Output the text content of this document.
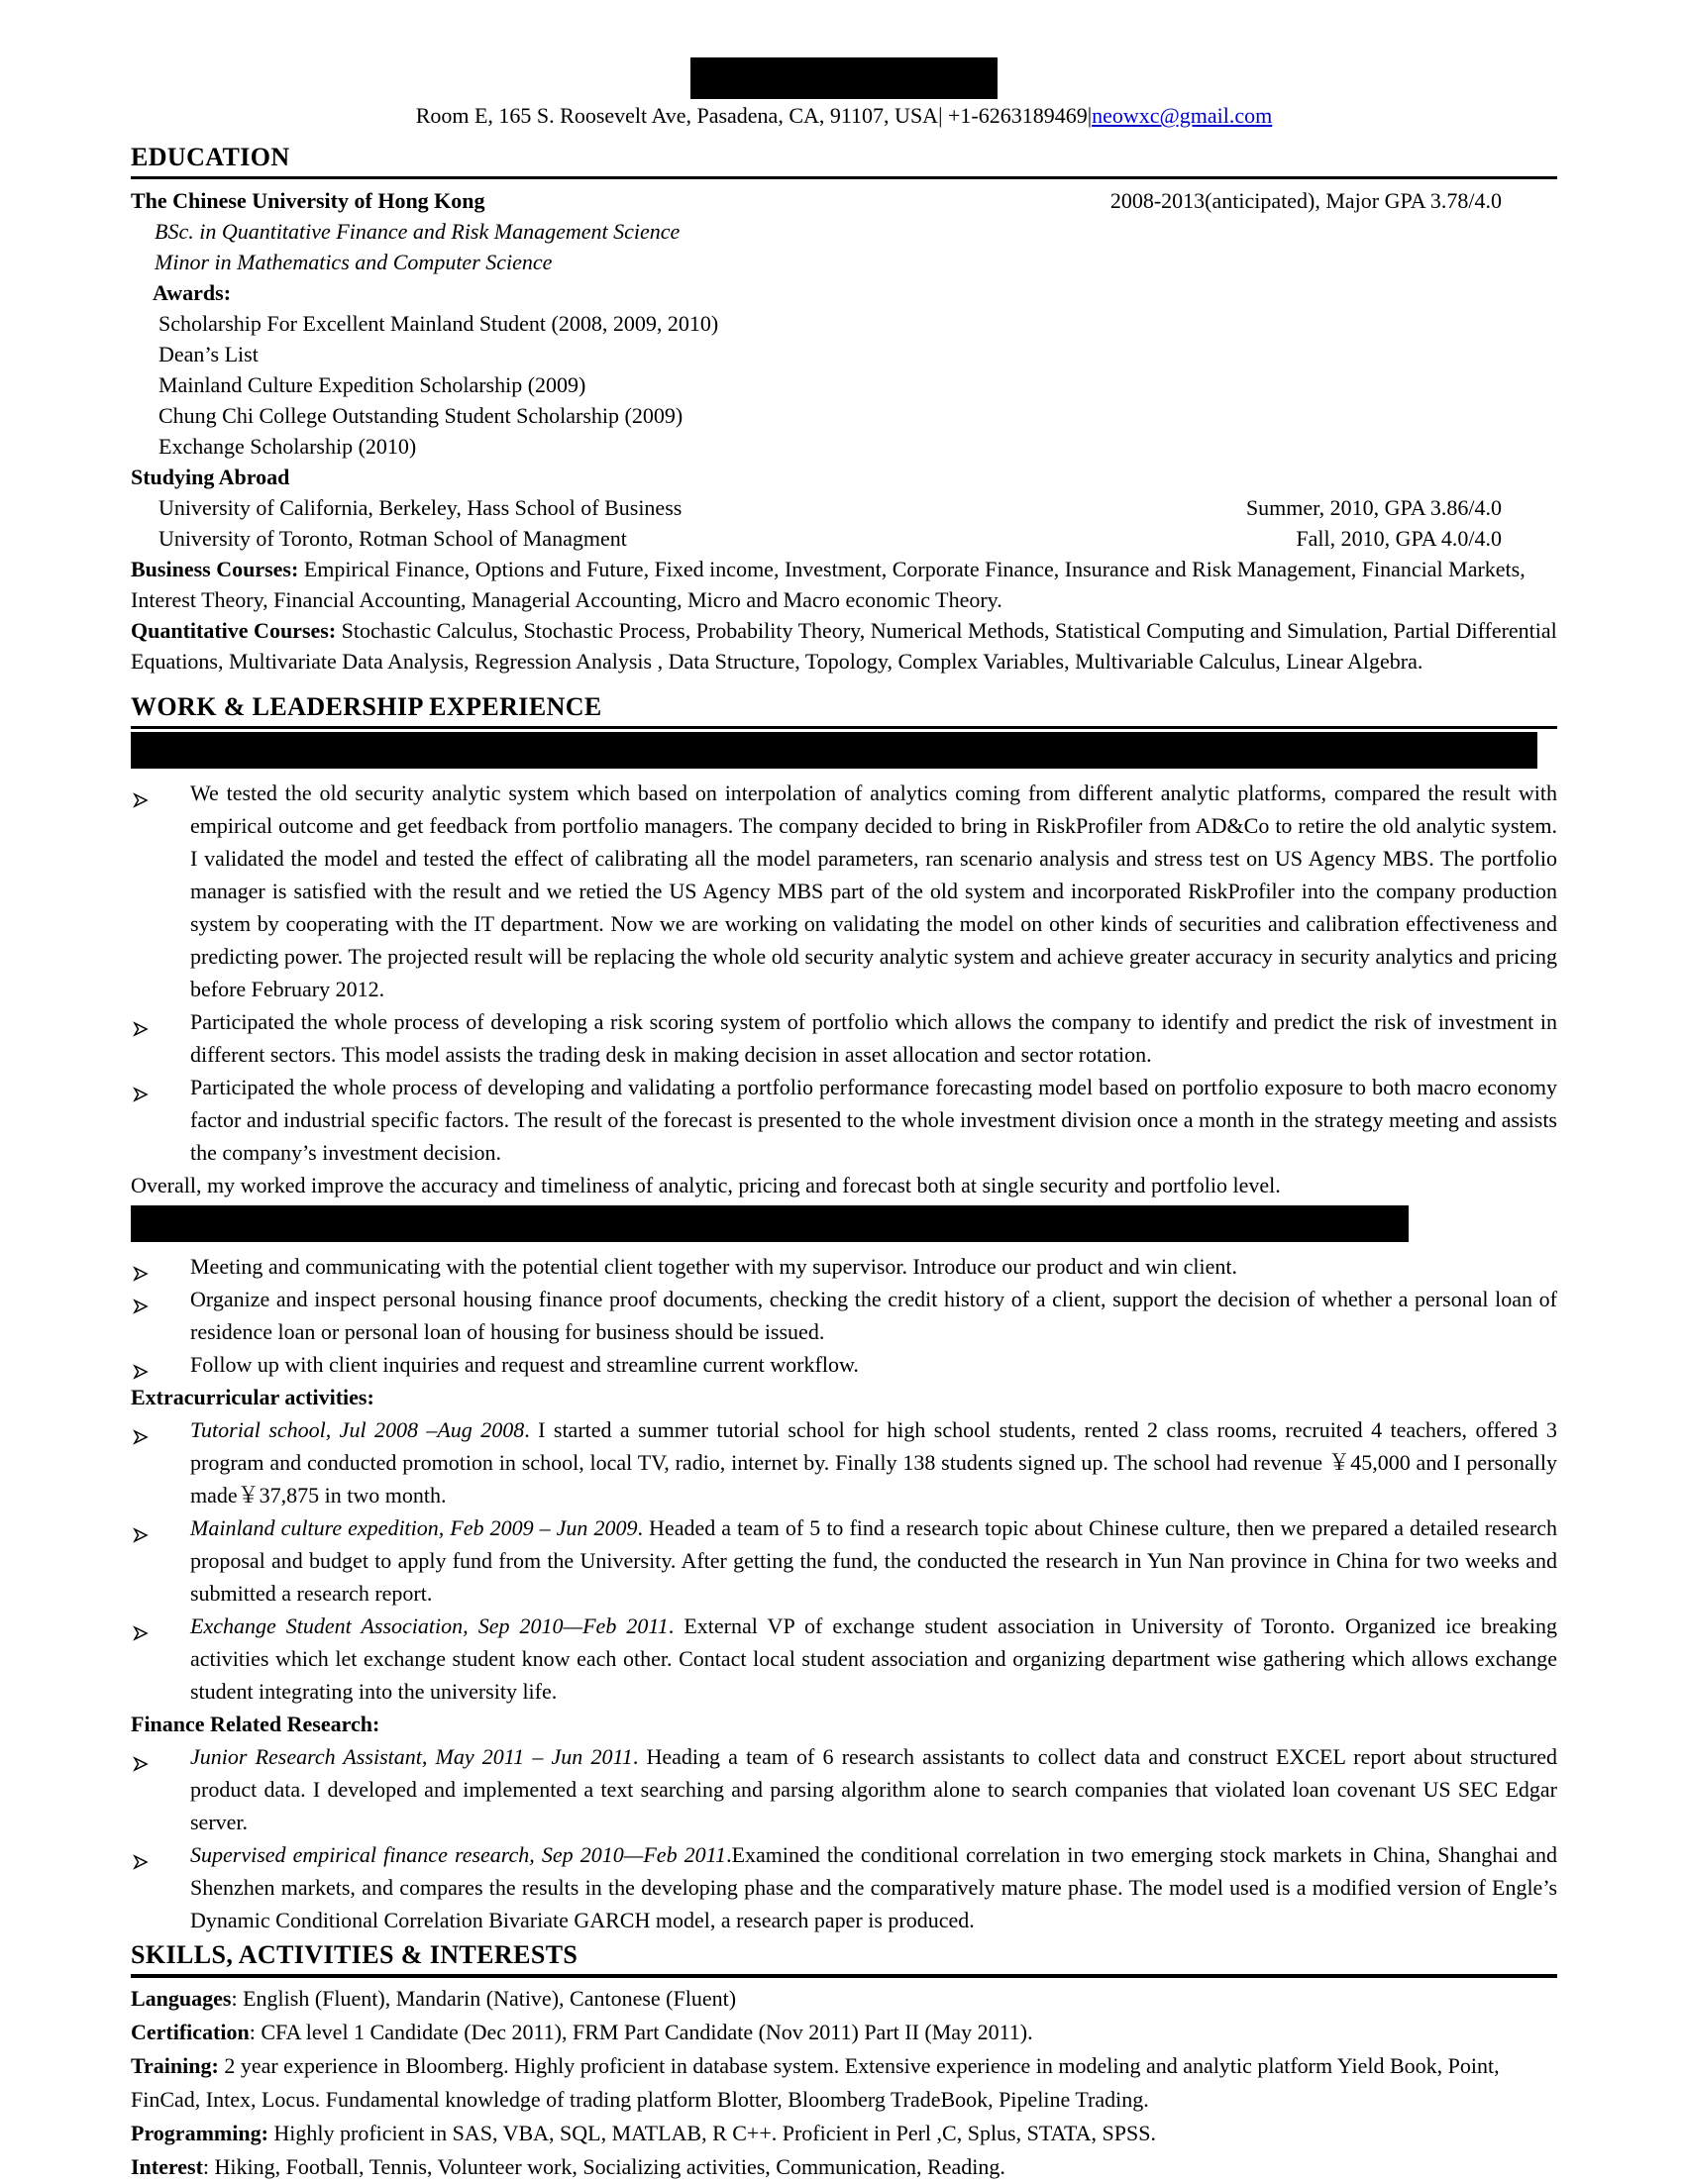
Room E, 165 S. Roosevelt Ave, Pasadena, CA, 91107, USA| +1-6263189469|neowxc@gmail.com
EDUCATION
The Chinese University of Hong Kong	2008-2013(anticipated), Major GPA 3.78/4.0
BSc. in Quantitative Finance and Risk Management Science
Minor in Mathematics and Computer Science
Awards:
Scholarship For Excellent Mainland Student (2008, 2009, 2010)
Dean’s List
Mainland Culture Expedition Scholarship (2009)
Chung Chi College Outstanding Student Scholarship (2009)
Exchange Scholarship (2010)
Studying Abroad
University of California, Berkeley, Hass School of Business	Summer, 2010, GPA 3.86/4.0
University of Toronto, Rotman School of Managment	Fall, 2010, GPA 4.0/4.0

Business Courses: Empirical Finance, Options and Future, Fixed income, Investment, Corporate Finance, Insurance and Risk Management, Financial Markets, Interest Theory, Financial Accounting, Managerial Accounting, Micro and Macro economic Theory.

Quantitative Courses: Stochastic Calculus, Stochastic Process, Probability Theory, Numerical Methods, Statistical Computing and Simulation, Partial Differential Equations, Multivariate Data Analysis, Regression Analysis , Data Structure, Topology, Complex Variables, Multivariable Calculus, Linear Algebra.

WORK & LEADERSHIP EXPERIENCE
We tested the old security analytic system which based on interpolation of analytics coming from different analytic platforms, compared the result with empirical outcome and get feedback from portfolio managers. The company decided to bring in RiskProfiler from AD&Co to retire the old analytic system. I validated the model and tested the effect of calibrating all the model parameters, ran scenario analysis and stress test on US Agency MBS. The portfolio manager is satisfied with the result and we retied the US Agency MBS part of the old system and incorporated RiskProfiler into the company production system by cooperating with the IT department. Now we are working on validating the model on other kinds of securities and calibration effectiveness and predicting power. The projected result will be replacing the whole old security analytic system and achieve greater accuracy in security analytics and pricing before February 2012.
Participated the whole process of developing a risk scoring system of portfolio which allows the company to identify and predict the risk of investment in different sectors. This model assists the trading desk in making decision in asset allocation and sector rotation.
Participated the whole process of developing and validating a portfolio performance forecasting model based on portfolio exposure to both macro economy factor and industrial specific factors. The result of the forecast is presented to the whole investment division once a month in the strategy meeting and assists the company’s investment decision.
Overall, my worked improve the accuracy and timeliness of analytic, pricing and forecast both at single security and portfolio level.
Meeting and communicating with the potential client together with my supervisor. Introduce our product and win client.
Organize and inspect personal housing finance proof documents, checking the credit history of a client, support the decision of whether a personal loan of residence loan or personal loan of housing for business should be issued.
Follow up with client inquiries and request and streamline current workflow.
Extracurricular activities:
Tutorial school, Jul 2008 –Aug 2008. I started a summer tutorial school for high school students, rented 2 class rooms, recruited 4 teachers, offered 3 program and conducted promotion in school, local TV, radio, internet by. Finally 138 students signed up. The school had revenue ￥45,000 and I personally made￥37,875 in two month.
Mainland culture expedition, Feb 2009 – Jun 2009. Headed a team of 5 to find a research topic about Chinese culture, then we prepared a detailed research proposal and budget to apply fund from the University. After getting the fund, the conducted the research in Yun Nan province in China for two weeks and submitted a research report.
Exchange Student Association, Sep 2010—Feb 2011. External VP of exchange student association in University of Toronto. Organized ice breaking activities which let exchange student know each other. Contact local student association and organizing department wise gathering which allows exchange student integrating into the university life.
Finance Related Research:
Junior Research Assistant, May 2011 – Jun 2011. Heading a team of 6 research assistants to collect data and construct EXCEL report about structured product data. I developed and implemented a text searching and parsing algorithm alone to search companies that violated loan covenant US SEC Edgar server.
Supervised empirical finance research, Sep 2010—Feb 2011.Examined the conditional correlation in two emerging stock markets in China, Shanghai and Shenzhen markets, and compares the results in the developing phase and the comparatively mature phase. The model used is a modified version of Engle’s Dynamic Conditional Correlation Bivariate GARCH model, a research paper is produced.
SKILLS, ACTIVITIES & INTERESTS

Languages: English (Fluent), Mandarin (Native), Cantonese (Fluent)

Certification: CFA level 1 Candidate (Dec 2011), FRM Part Candidate (Nov 2011) Part II (May 2011).

Training: 2 year experience in Bloomberg. Highly proficient in database system. Extensive experience in modeling and analytic platform Yield Book, Point, FinCad, Intex, Locus. Fundamental knowledge of trading platform Blotter, Bloomberg TradeBook, Pipeline Trading.

Programming: Highly proficient in SAS, VBA, SQL, MATLAB, R C++. Proficient in Perl ,C, Splus, STATA, SPSS.

Interest: Hiking, Football, Tennis, Volunteer work, Socializing activities, Communication, Reading.
